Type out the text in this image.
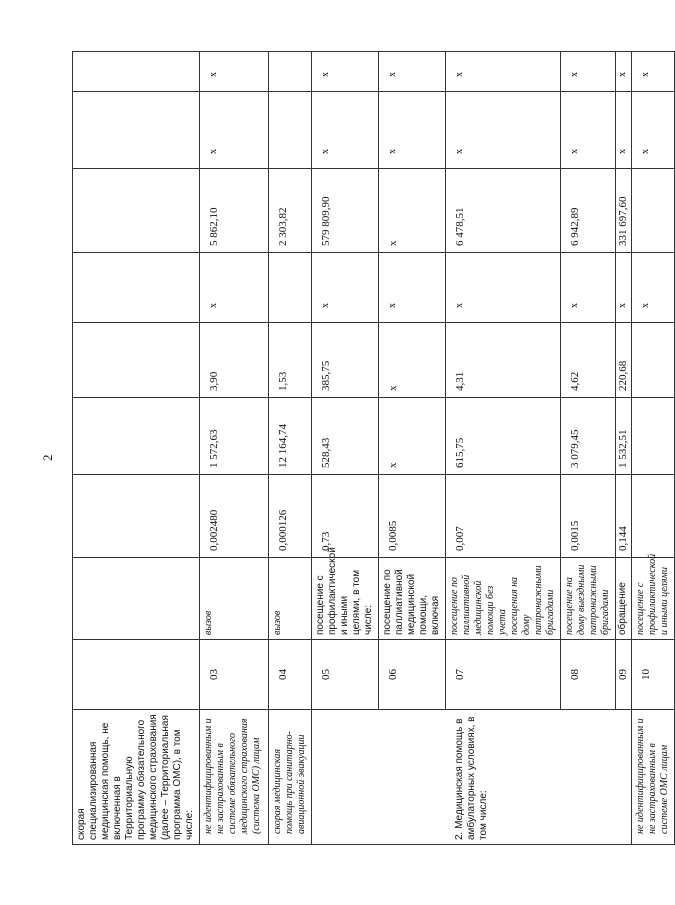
2
скорая специализированная медицинская помощь, не включенная в Территориальную программу обязательного медицинского страхования (далее – Территориальная программа ОМС), в том числе:									
не идентифицированным и не застрахованным в системе обязательного медицинского страхования (система ОМС) лицам	03	вызов	0,002480	1 572,63	3,90	x	5 862,10	x	x
скорая медицинская помощь при санитарно-авиационной эвакуации	04	вызов	0,000126	12 164,74	1,53		2 303,82		
2. Медицинская помощь в амбулаторных условиях, в том числе:	05	посещение с профилактической и иными целями, в том числе:	0,73	528,43	385,75	x	579 809,90	x	x
	06	посещение по паллиативной медицинской помощи, включая	0,0085	x	x	x	x	x	x
	07	посещение по паллиативной медицинской помощи без учета посещения на дому патронажными бригадами	0,007	615,75	4,31	x	6 478,51	x	x
	08	посещение на дому выездными патронажными бригадами	0,0015	3 079,45	4,62	x	6 942,89	x	x
	09	обращение	0,144	1 532,51	220,68	x	331 697,60	x	x
не идентифицированным и не застрахованным в системе ОМС лицам	10	посещение с профилактической и иными целями				x		x	x
